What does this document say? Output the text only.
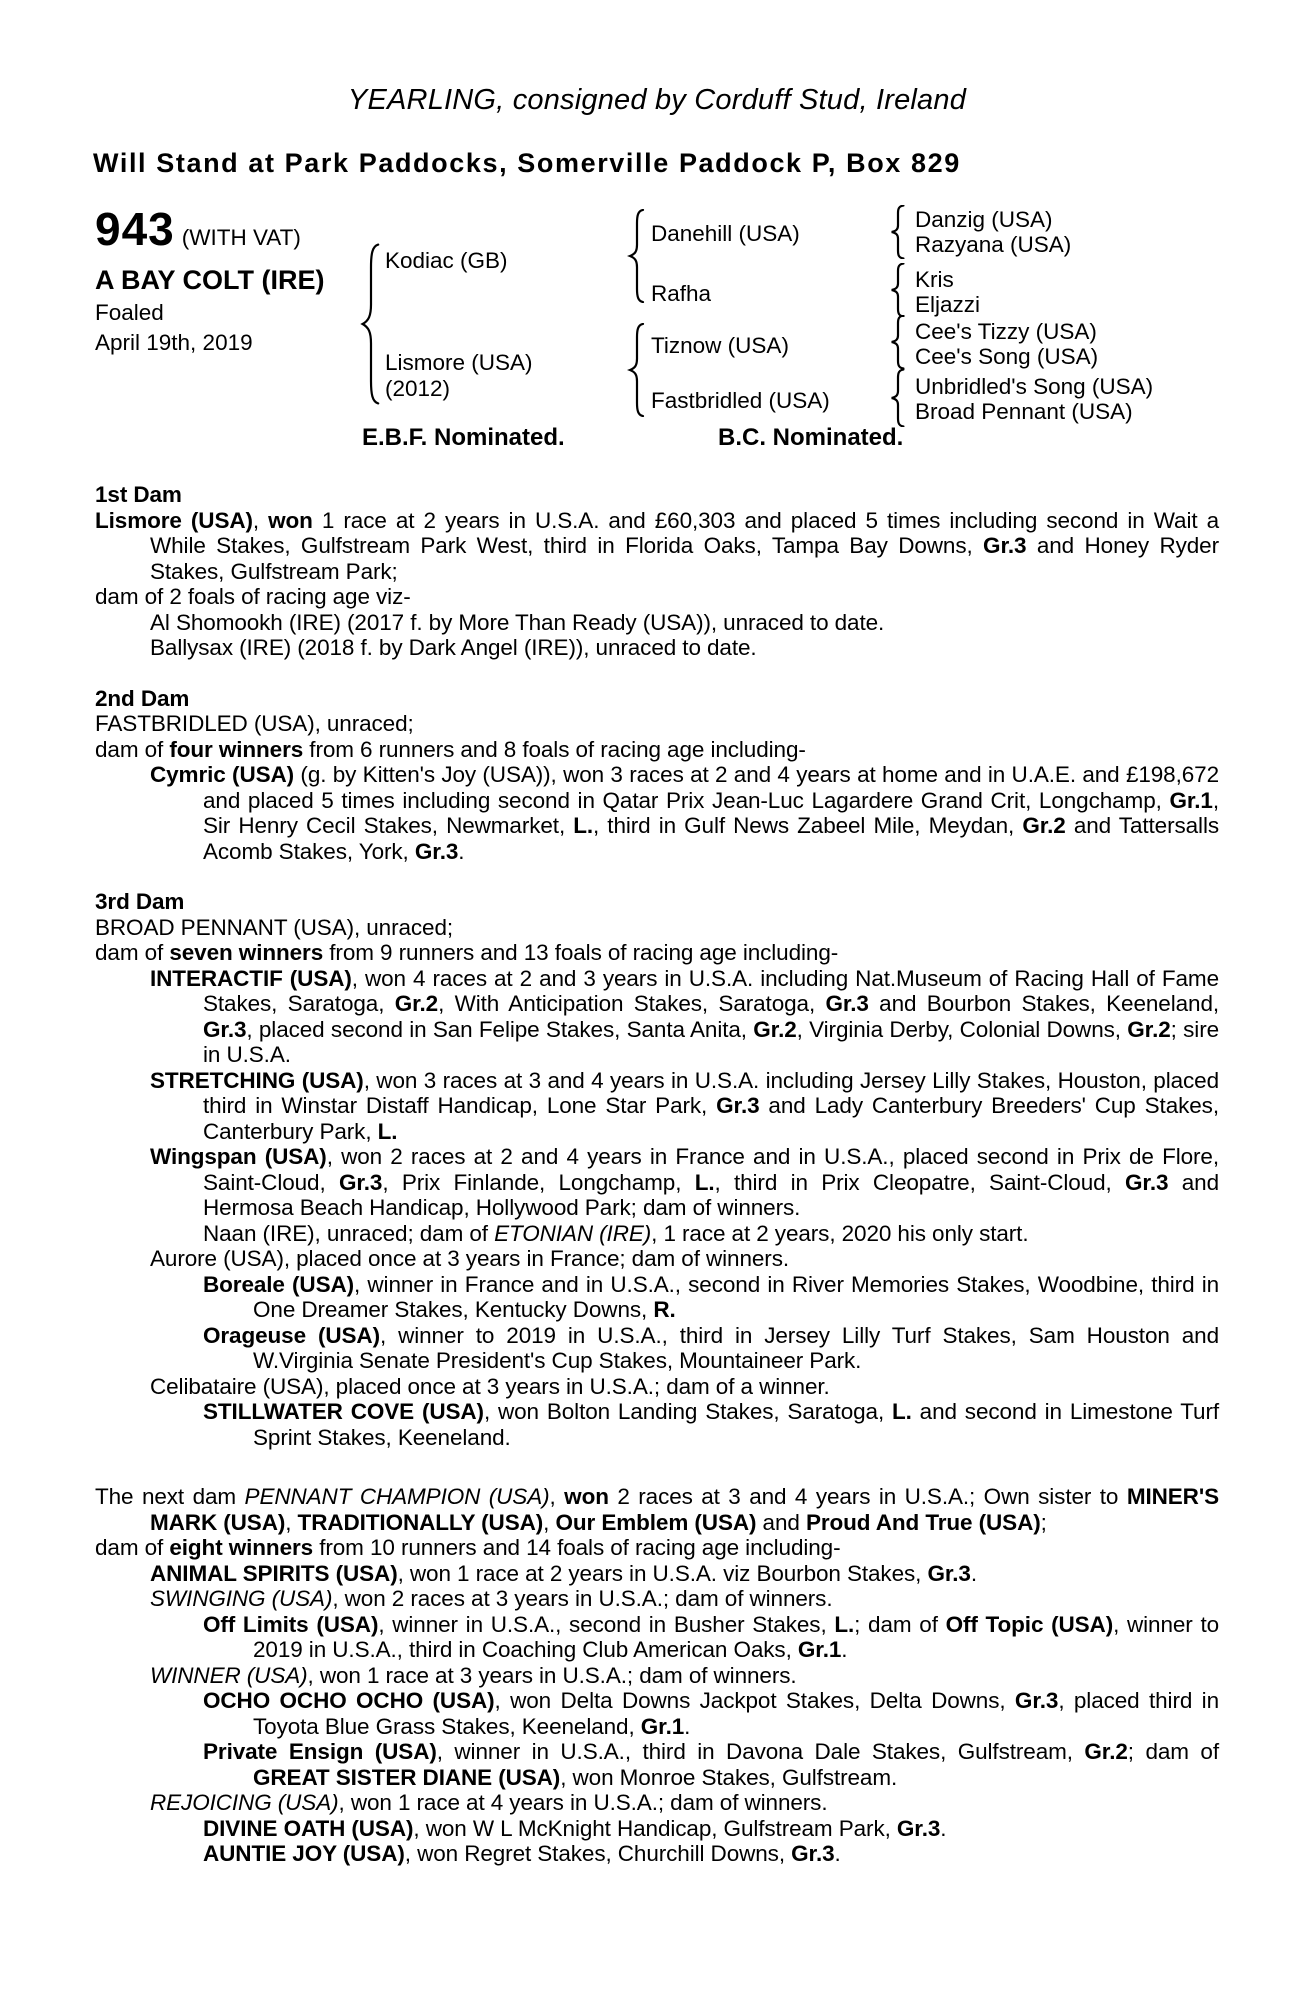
YEARLING, consigned by Corduff Stud, Ireland
Will Stand at Park Paddocks, Somerville Paddock P, Box 829
943 (WITH VAT)
A BAY COLT (IRE)
Foaled
April 19th, 2019
Kodiac (GB)
Lismore (USA)
(2012)
Danehill (USA)
Rafha
Tiznow (USA)
Fastbridled (USA)
Danzig (USA)
Razyana (USA)
Kris
Eljazzi
Cee's Tizzy (USA)
Cee's Song (USA)
Unbridled's Song (USA)
Broad Pennant (USA)
E.B.F. Nominated.	B.C. Nominated.
1st Dam
Lismore (USA), won 1 race at 2 years in U.S.A. and £60,303 and placed 5 times including second in Wait a While Stakes, Gulfstream Park West, third in Florida Oaks, Tampa Bay Downs, Gr.3 and Honey Ryder Stakes, Gulfstream Park;
dam of 2 foals of racing age viz-
Al Shomookh (IRE) (2017 f. by More Than Ready (USA)), unraced to date.
Ballysax (IRE) (2018 f. by Dark Angel (IRE)), unraced to date.
2nd Dam
FASTBRIDLED (USA), unraced;
dam of four winners from 6 runners and 8 foals of racing age including-
Cymric (USA) (g. by Kitten's Joy (USA)), won 3 races at 2 and 4 years at home and in U.A.E. and £198,672 and placed 5 times including second in Qatar Prix Jean-Luc Lagardere Grand Crit, Longchamp, Gr.1, Sir Henry Cecil Stakes, Newmarket, L., third in Gulf News Zabeel Mile, Meydan, Gr.2 and Tattersalls Acomb Stakes, York, Gr.3.
3rd Dam
BROAD PENNANT (USA), unraced;
dam of seven winners from 9 runners and 13 foals of racing age including-
INTERACTIF (USA), won 4 races at 2 and 3 years in U.S.A. including Nat.Museum of Racing Hall of Fame Stakes, Saratoga, Gr.2, With Anticipation Stakes, Saratoga, Gr.3 and Bourbon Stakes, Keeneland, Gr.3, placed second in San Felipe Stakes, Santa Anita, Gr.2, Virginia Derby, Colonial Downs, Gr.2; sire in U.S.A.
STRETCHING (USA), won 3 races at 3 and 4 years in U.S.A. including Jersey Lilly Stakes, Houston, placed third in Winstar Distaff Handicap, Lone Star Park, Gr.3 and Lady Canterbury Breeders' Cup Stakes, Canterbury Park, L.
Wingspan (USA), won 2 races at 2 and 4 years in France and in U.S.A., placed second in Prix de Flore, Saint-Cloud, Gr.3, Prix Finlande, Longchamp, L., third in Prix Cleopatre, Saint-Cloud, Gr.3 and Hermosa Beach Handicap, Hollywood Park; dam of winners.
Naan (IRE), unraced; dam of ETONIAN (IRE), 1 race at 2 years, 2020 his only start.
Aurore (USA), placed once at 3 years in France; dam of winners.
Boreale (USA), winner in France and in U.S.A., second in River Memories Stakes, Woodbine, third in One Dreamer Stakes, Kentucky Downs, R.
Orageuse (USA), winner to 2019 in U.S.A., third in Jersey Lilly Turf Stakes, Sam Houston and W.Virginia Senate President's Cup Stakes, Mountaineer Park.
Celibataire (USA), placed once at 3 years in U.S.A.; dam of a winner.
STILLWATER COVE (USA), won Bolton Landing Stakes, Saratoga, L. and second in Limestone Turf Sprint Stakes, Keeneland.
The next dam PENNANT CHAMPION (USA), won 2 races at 3 and 4 years in U.S.A.; Own sister to MINER'S MARK (USA), TRADITIONALLY (USA), Our Emblem (USA) and Proud And True (USA);
dam of eight winners from 10 runners and 14 foals of racing age including-
ANIMAL SPIRITS (USA), won 1 race at 2 years in U.S.A. viz Bourbon Stakes, Gr.3.
SWINGING (USA), won 2 races at 3 years in U.S.A.; dam of winners.
Off Limits (USA), winner in U.S.A., second in Busher Stakes, L.; dam of Off Topic (USA), winner to 2019 in U.S.A., third in Coaching Club American Oaks, Gr.1.
WINNER (USA), won 1 race at 3 years in U.S.A.; dam of winners.
OCHO OCHO OCHO (USA), won Delta Downs Jackpot Stakes, Delta Downs, Gr.3, placed third in Toyota Blue Grass Stakes, Keeneland, Gr.1.
Private Ensign (USA), winner in U.S.A., third in Davona Dale Stakes, Gulfstream, Gr.2; dam of GREAT SISTER DIANE (USA), won Monroe Stakes, Gulfstream.
REJOICING (USA), won 1 race at 4 years in U.S.A.; dam of winners.
DIVINE OATH (USA), won W L McKnight Handicap, Gulfstream Park, Gr.3.
AUNTIE JOY (USA), won Regret Stakes, Churchill Downs, Gr.3.
